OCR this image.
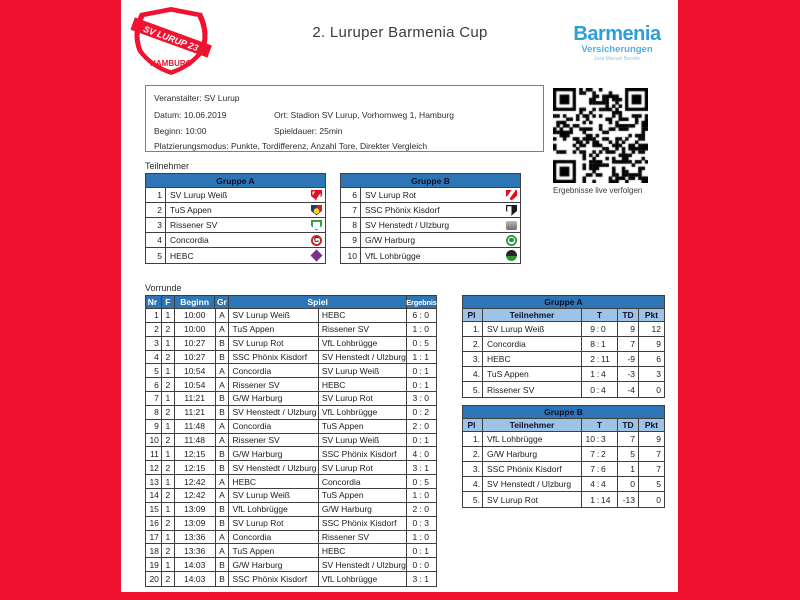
SV LURUP 23
HAMBURG
2. Luruper Barmenia Cup	Barmenia
Versicherungen
Jose Manuel Barreto
Veranstalter: SV Lurup
Datum: 10.06.2019	Ort: Stadion SV Lurup, Vorhornweg 1, Hamburg
Beginn: 10:00	Spieldauer: 25min
Platzierungsmodus: Punkte, Tordifferenz, Anzahl Tore, Direkter Vergleich
Ergebnisse live verfolgen
Teilnehmer
Gruppe A
1 SV Lurup Weiß
2 TuS Appen
3 Rissener SV
4 Concordia
C
5 HEBC
Gruppe B
6 SV Lurup Rot
7 SSC Phönix Kisdorf
8 SV Henstedt / Ulzburg
9 G/W Harburg
10 VfL Lohbrügge
Vorrunde
Nr F	Beginn Gr	Spiel	Ergebnis
1 1	10:00	A SV Lurup Weiß	HEBC	6 : 0
2 2	10:00	A TuS Appen	Rissener SV	1 : 0
3 1	10:27	B SV Lurup Rot	VfL Lohbrügge	0 : 5
4 2	10:27	B SSC Phönix Kisdorf	SV Henstedt / Ulzburg 1 : 1
5 1	10:54	A Concordia	SV Lurup Weiß	0 : 1
6 2	10:54	A Rissener SV	HEBC	0 : 1
7 1	11:21	B G/W Harburg	SV Lurup Rot	3 : 0
8 2	11:21	B SV Henstedt / Ulzburg VfL Lohbrügge	0 : 2
9 1	11:48	A Concordia	TuS Appen	2 : 0
10 2	11:48	A Rissener SV	SV Lurup Weiß	0 : 1
11 1	12:15	B G/W Harburg	SSC Phönix Kisdorf	4 : 0
12 2	12:15	B SV Henstedt / Ulzburg SV Lurup Rot	3 : 1
13 1	12:42	A HEBC	Concordia	0 : 5
14 2	12:42	A SV Lurup Weiß	TuS Appen	1 : 0
15 1	13:09	B VfL Lohbrügge	G/W Harburg	2 : 0
16 2	13:09	B SV Lurup Rot	SSC Phönix Kisdorf	0 : 3
17 1	13:36	A Concordia	Rissener SV	1 : 0
18 2	13:36	A TuS Appen	HEBC	0 : 1
19 1	14:03	B G/W Harburg	SV Henstedt / Ulzburg 0 : 0
20 2	14:03	B SSC Phönix Kisdorf	VfL Lohbrügge	3 : 1
Gruppe A
Pl	Teilnehmer	T	TD	Pkt
1. SV Lurup Weiß	9 : 0	9	12
2. Concordia	8 : 1	7	9
3. HEBC	2 : 11	-9	6
4. TuS Appen	1 : 4	-3	3
5. Rissener SV	0 : 4	-4	0
Gruppe B
Pl	Teilnehmer	T	TD	Pkt
1. VfL Lohbrügge	10 : 3	7	9
2. G/W Harburg	7 : 2	5	7
3. SSC Phönix Kisdorf	7 : 6	1	7
4. SV Henstedt / Ulzburg	4 : 4	0	5
5. SV Lurup Rot	1 : 14	-13	0
